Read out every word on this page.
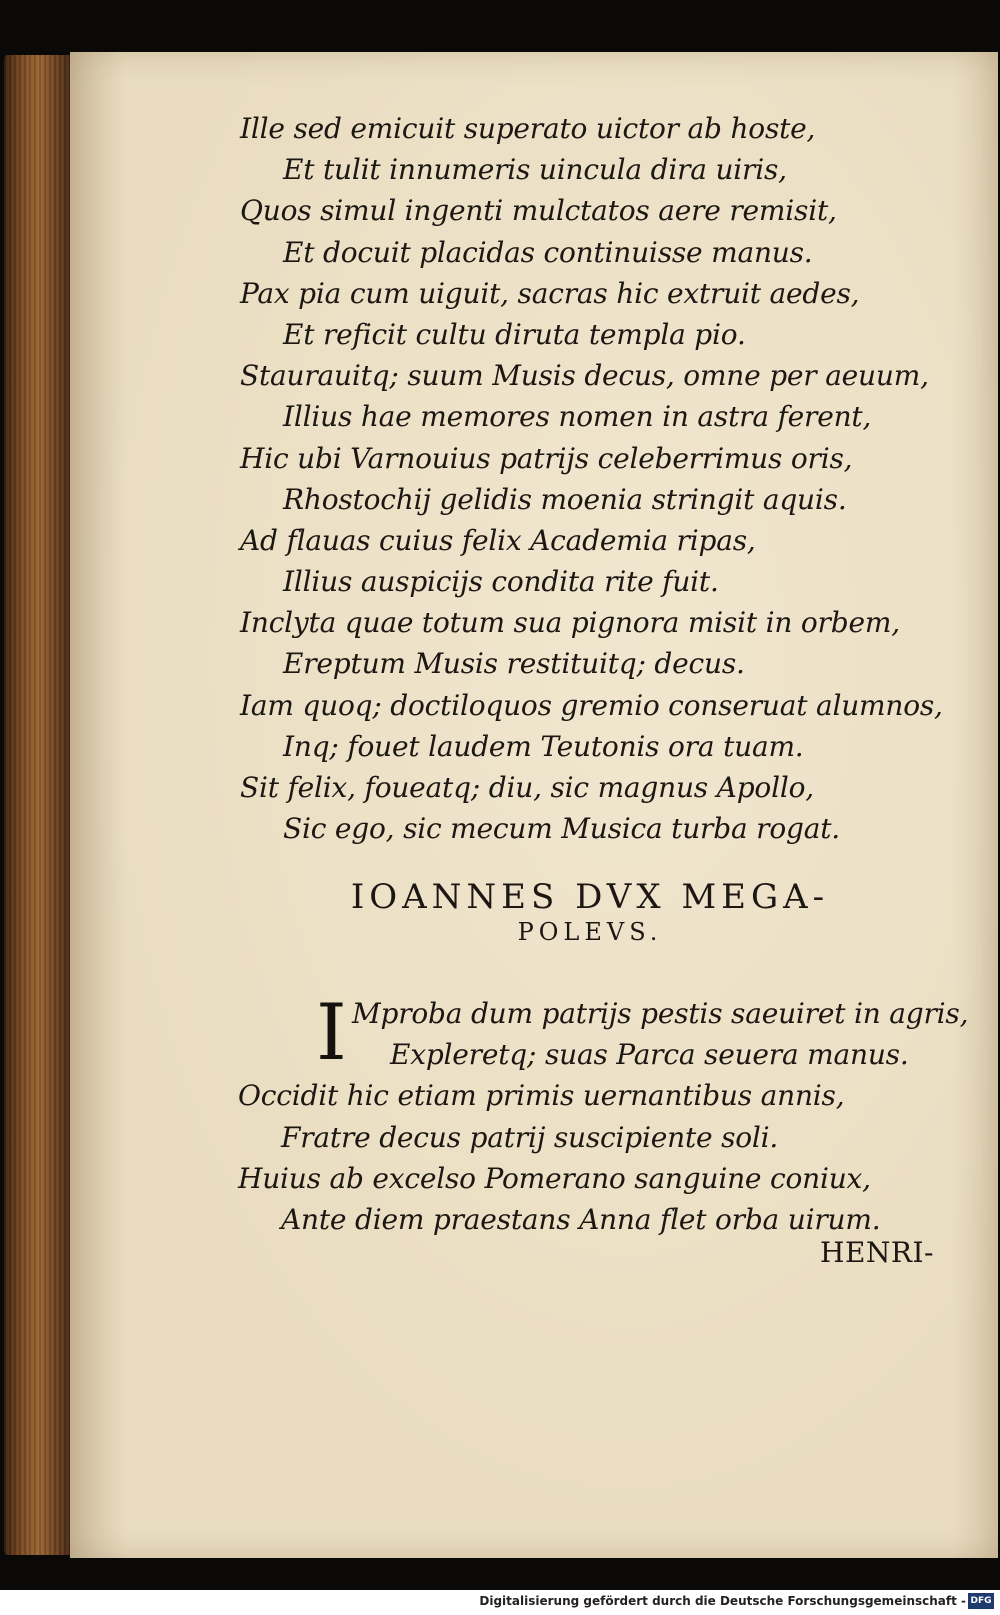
Ille sed emicuit superato uictor ab hoste,
Et tulit innumeris uincula dira uiris,
Quos simul ingenti mulctatos aere remisit,
Et docuit placidas continuisse manus.
Pax pia cum uiguit, sacras hic extruit aedes,
Et reficit cultu diruta templa pio.
Staurauitq; suum Musis decus, omne per aeuum,
Illius hae memores nomen in astra ferent,
Hic ubi Varnouius patrijs celeberrimus oris,
Rhostochij gelidis moenia stringit aquis.
Ad flauas cuius felix Academia ripas,
Illius auspicijs condita rite fuit.
Inclyta quae totum sua pignora misit in orbem,
Ereptum Musis restituitq; decus.
Iam quoq; doctiloquos gremio conseruat alumnos,
Inq; fouet laudem Teutonis ora tuam.
Sit felix, foueatq; diu, sic magnus Apollo,
Sic ego, sic mecum Musica turba rogat.
IOANNES DVX MEGA-
POLEVS.
I Mproba dum patrijs pestis saeuiret in agris,
Expleretq; suas Parca seuera manus.
Occidit hic etiam primis uernantibus annis,
Fratre decus patrij suscipiente soli.
Huius ab excelso Pomerano sanguine coniux,
Ante diem praestans Anna flet orba uirum.
HENRI-
Digitalisierung gefördert durch die Deutsche Forschungsgemeinschaft - DFG
